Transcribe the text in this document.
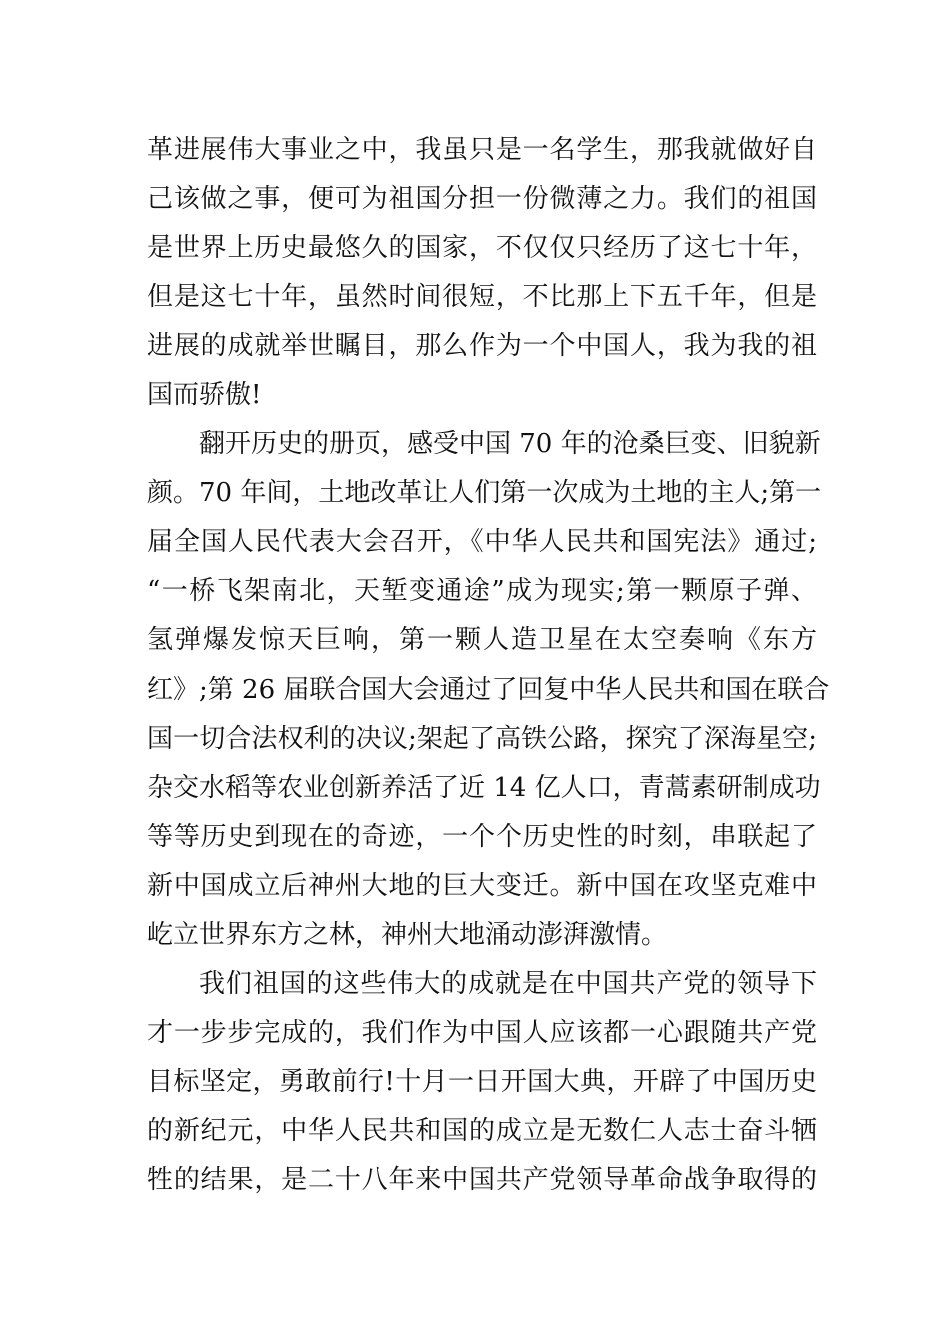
革进展伟大事业之中，我虽只是一名学生，那我就做好自
己该做之事，便可为祖国分担一份微薄之力。我们的祖国
是世界上历史最悠久的国家，不仅仅只经历了这七十年，
但是这七十年，虽然时间很短，不比那上下五千年，但是
进展的成就举世瞩目，那么作为一个中国人，我为我的祖
国而骄傲!
翻开历史的册页，感受中国 70 年的沧桑巨变、旧貌新
颜。70 年间，土地改革让人们第一次成为土地的主人;第一
届全国人民代表大会召开，《中华人民共和国宪法》通过;
“一桥飞架南北，天堑变通途”成为现实;第一颗原子弹、
氢弹爆发惊天巨响，第一颗人造卫星在太空奏响《东方
红》;第 26 届联合国大会通过了回复中华人民共和国在联合
国一切合法权利的决议;架起了高铁公路，探究了深海星空;
杂交水稻等农业创新养活了近 14 亿人口，青蒿素研制成功
等等历史到现在的奇迹，一个个历史性的时刻，串联起了
新中国成立后神州大地的巨大变迁。新中国在攻坚克难中
屹立世界东方之林，神州大地涌动澎湃激情。
我们祖国的这些伟大的成就是在中国共产党的领导下
才一步步完成的，我们作为中国人应该都一心跟随共产党
目标坚定，勇敢前行!十月一日开国大典，开辟了中国历史
的新纪元，中华人民共和国的成立是无数仁人志士奋斗牺
牲的结果，是二十八年来中国共产党领导革命战争取得的
